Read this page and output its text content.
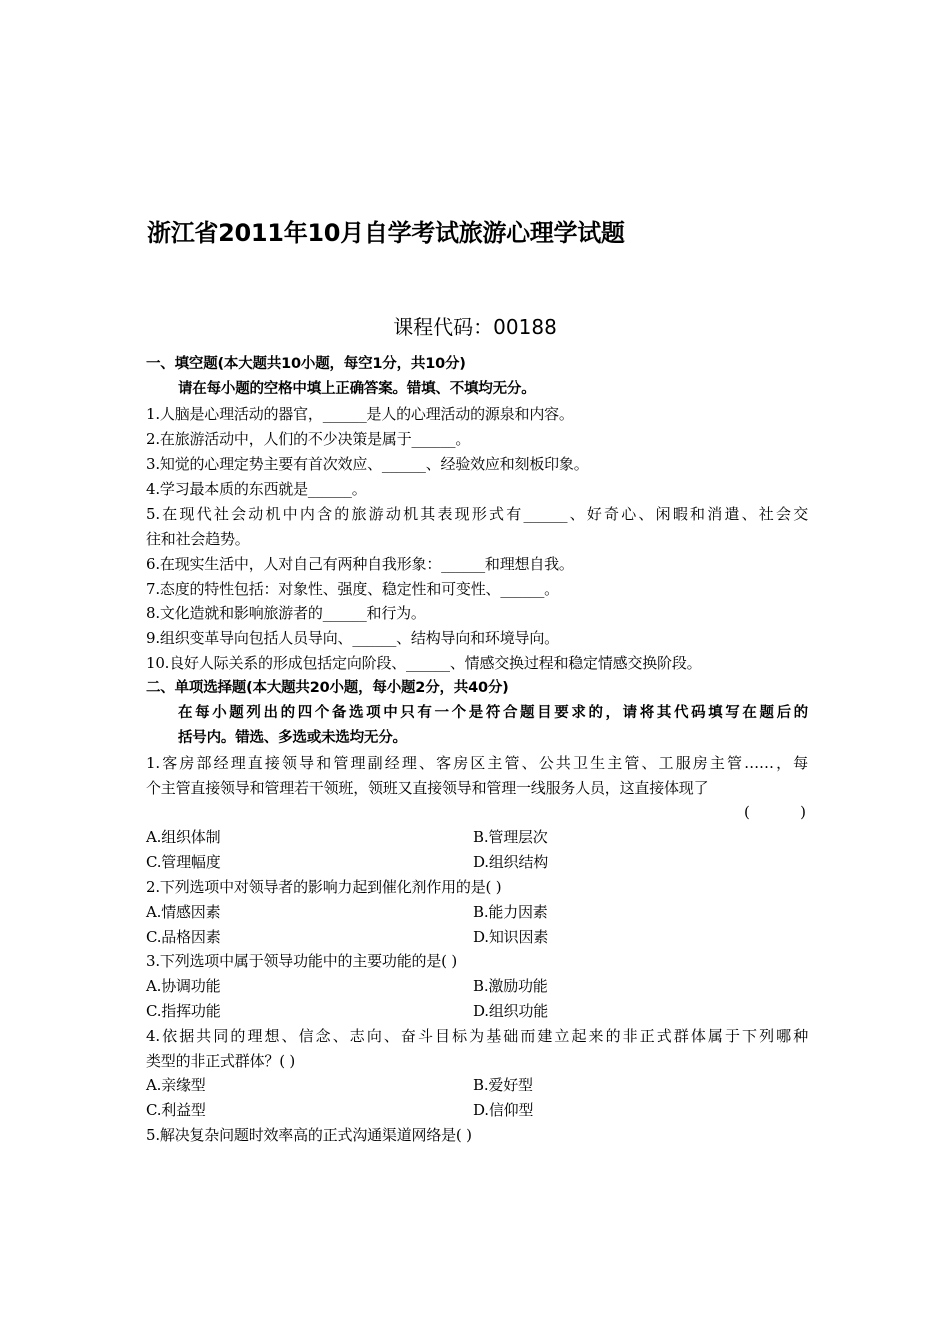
浙江省2011年10月自学考试旅游心理学试题
课程代码：00188
一、填空题(本大题共10小题，每空1分，共10分)
请在每小题的空格中填上正确答案。错填、不填均无分。
1.人脑是心理活动的器官，______是人的心理活动的源泉和内容。
2.在旅游活动中，人们的不少决策是属于______。
3.知觉的心理定势主要有首次效应、______、经验效应和刻板印象。
4.学习最本质的东西就是______。
5.在现代社会动机中内含的旅游动机其表现形式有______、好奇心、闲暇和消遣、社会交
往和社会趋势。
6.在现实生活中，人对自己有两种自我形象：______和理想自我。
7.态度的特性包括：对象性、强度、稳定性和可变性、______。
8.文化造就和影响旅游者的______和行为。
9.组织变革导向包括人员导向、______、结构导向和环境导向。
10.良好人际关系的形成包括定向阶段、______、情感交换过程和稳定情感交换阶段。
二、单项选择题(本大题共20小题，每小题2分，共40分)
在每小题列出的四个备选项中只有一个是符合题目要求的，请将其代码填写在题后的
括号内。错选、多选或未选均无分。
1.客房部经理直接领导和管理副经理、客房区主管、公共卫生主管、工服房主管……，每
个主管直接领导和管理若干领班，领班又直接领导和管理一线服务人员，这直接体现了
( )
A.组织体制	B.管理层次
C.管理幅度	D.组织结构
2.下列选项中对领导者的影响力起到催化剂作用的是( )
A.情感因素	B.能力因素
C.品格因素	D.知识因素
3.下列选项中属于领导功能中的主要功能的是( )
A.协调功能	B.激励功能
C.指挥功能	D.组织功能
4.依据共同的理想、信念、志向、奋斗目标为基础而建立起来的非正式群体属于下列哪种
类型的非正式群体？( )
A.亲缘型	B.爱好型
C.利益型	D.信仰型
5.解决复杂问题时效率高的正式沟通渠道网络是( )
